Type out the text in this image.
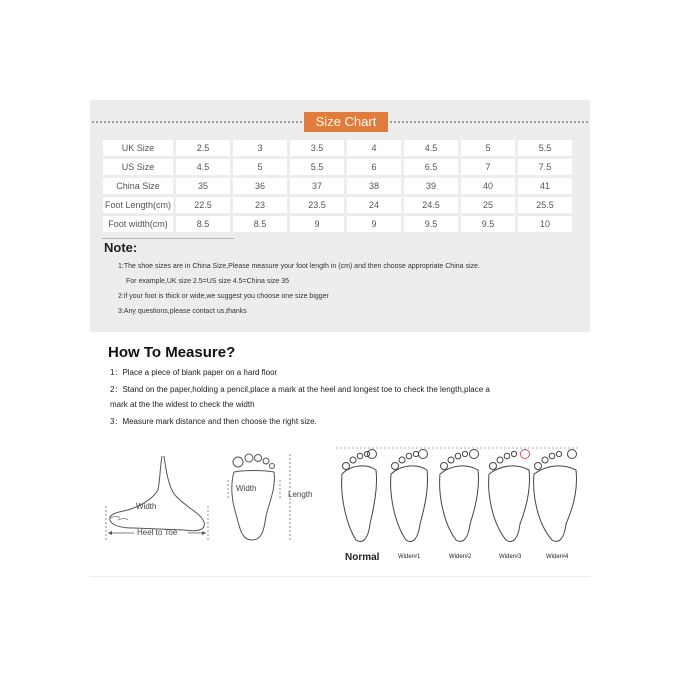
Size Chart
UK Size	2.5	3	3.5	4	4.5	5	5.5
US Size	4.5	5	5.5	6	6.5	7	7.5
China Size	35	36	37	38	39	40	41
Foot Length(cm)	22.5	23	23.5	24	24.5	25	25.5
Foot width(cm)	8.5	8.5	9	9	9.5	9.5	10
Note:
1:The shoe sizes are in China Size,Please measure your foot length in (cm) and then choose appropriate China size.
For example,UK size 2.5=US size 4.5=China size 35
2:if your foot is thick or wide,we suggest you choose one size bigger
3:Any questions,please contact us,thanks
How To Measure?
1：Place a piece of blank paper on a hard floor
2：Stand on the paper,holding a pencil,place a mark at the heel and longest toe to check the length,place a
mark at the the widest to check the width
3：Measure mark distance and then choose the right size.
Width
Heel to Toe
Width
Length
Normal	Wider#1	Wider#2	Wider#3	Wider#4
